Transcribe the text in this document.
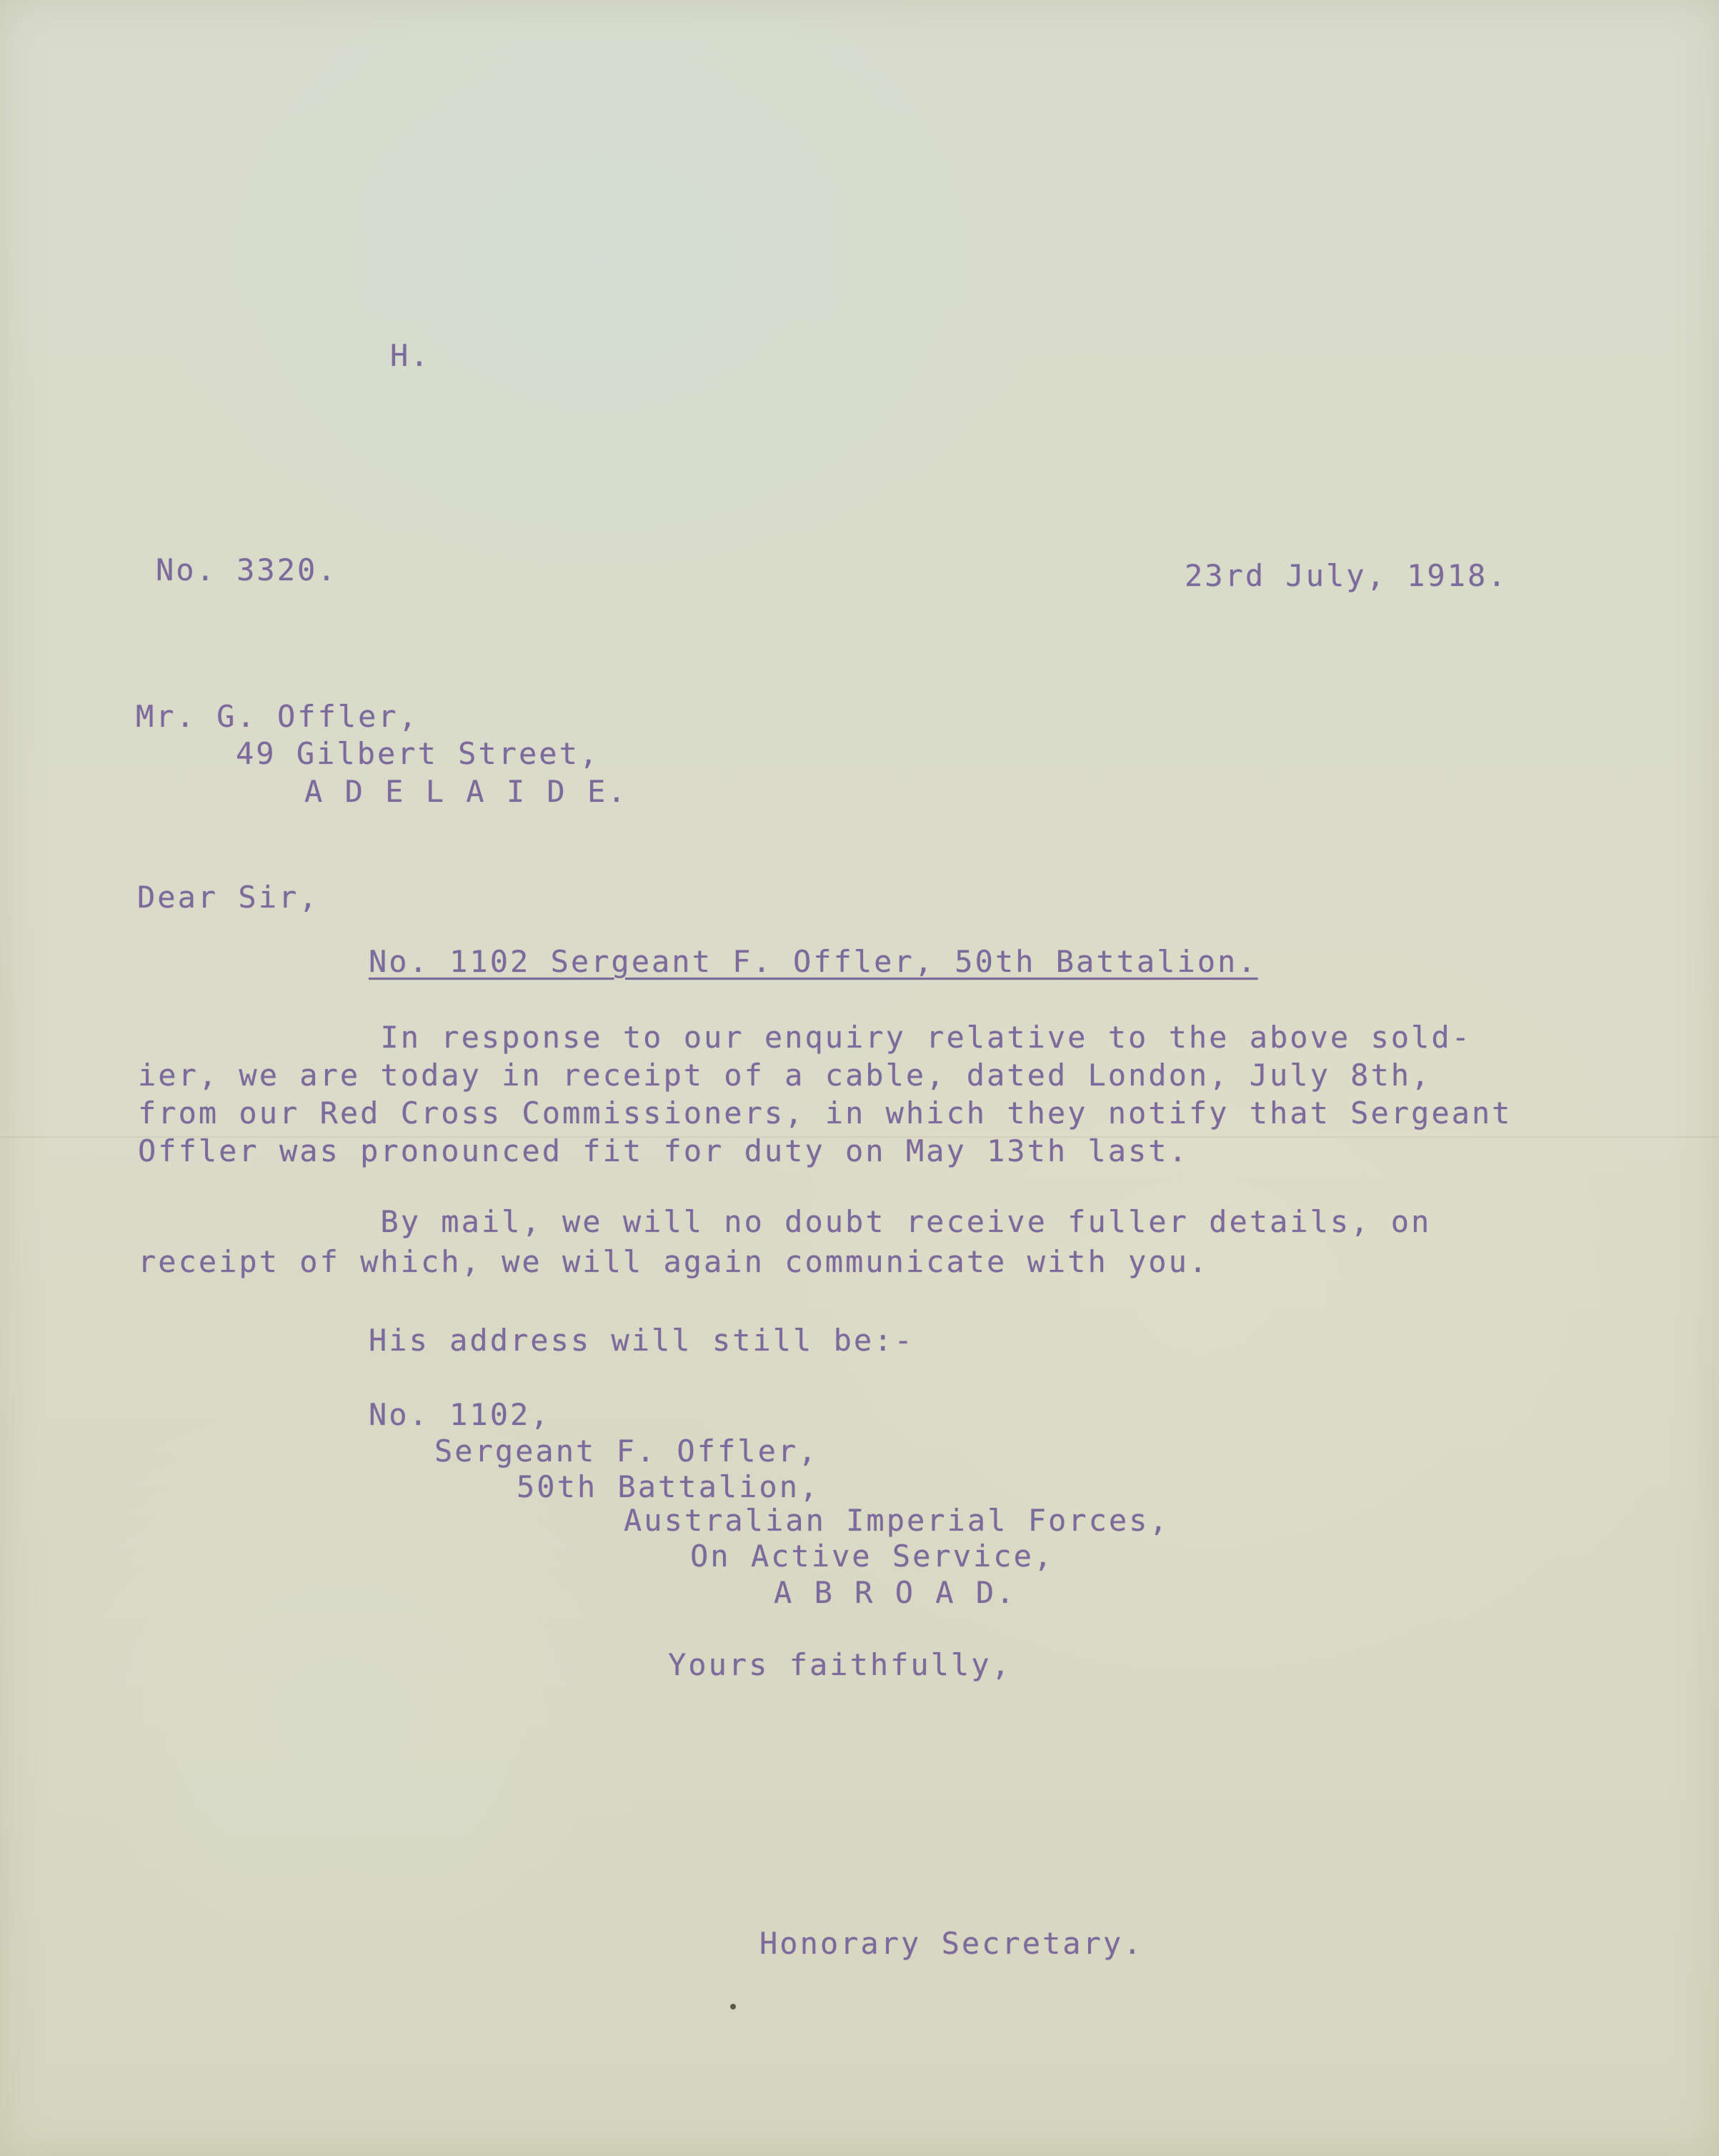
H.
No. 3320.	23rd July, 1918.
Mr. G. Offler,
49 Gilbert Street,
A D E L A I D E.
Dear Sir,
No. 1102 Sergeant F. Offler, 50th Battalion.
In response to our enquiry relative to the above sold-
ier, we are today in receipt of a cable, dated London, July 8th,
from our Red Cross Commissioners, in which they notify that Sergeant
Offler was pronounced fit for duty on May 13th last.
By mail, we will no doubt receive fuller details, on
receipt of which, we will again communicate with you.
His address will still be:-
No. 1102,
Sergeant F. Offler,
50th Battalion,
Australian Imperial Forces,
On Active Service,
A B R O A D.
Yours faithfully,
Honorary Secretary.
